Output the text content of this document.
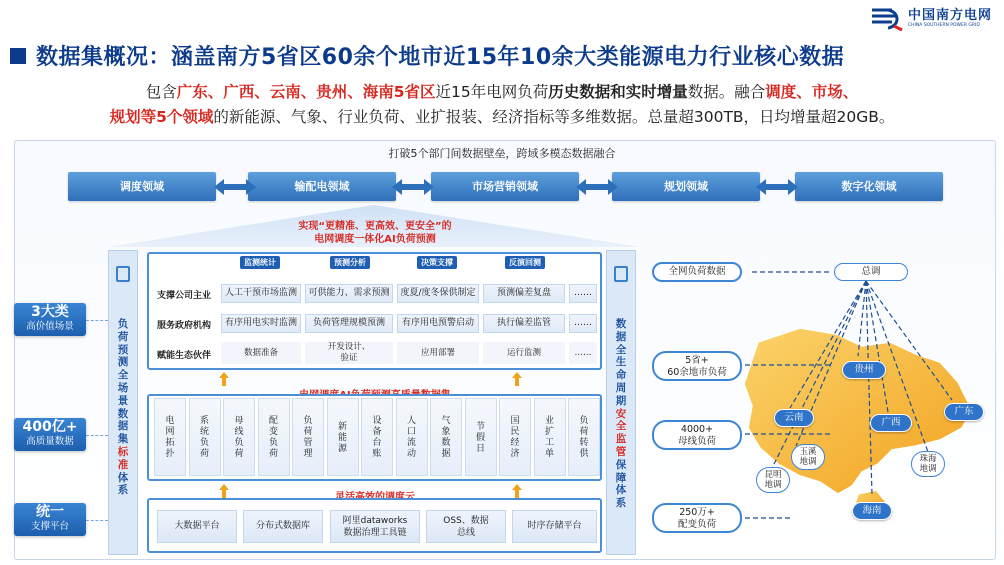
中国南方电网
CHINA SOUTHERN POWER GRID
数据集概况：涵盖南方5省区60余个地市近15年10余大类能源电力行业核心数据
包含广东、广西、云南、贵州、海南5省区近15年电网负荷历史数据和实时增量数据。融合调度、市场、
规划等5个领域的新能源、气象、行业负荷、业扩报装、经济指标等多维数据。总量超300TB，日均增量超20GB。
打破5个部门间数据壁垒，跨域多模态数据融合
调度领域	输配电领域	市场营销领域	规划领域	数字化领域
实现“更精准、更高效、更安全”的
电网调度一体化AI负荷预测
负
荷
预
测
全
场
景
数
据
集
标
准
体
系
数
据
全
生
命
周
期
安
全
监
管
保
障
体
系
监测统计	预测分析	决策支撑	反演回测
支撑公司主业	人工干预市场监测	可供能力、需求预测	度夏/度冬保供制定	预测偏差复盘	……
服务政府机构	有序用电实时监测	负荷管理规模预测	有序用电预警启动	执行偏差监管	……
赋能生态伙伴	数据准备
开发设计、
验证	应用部署	运行监测	……
电
网
拓
扑
系
统
负
荷
母
线
负
荷
配
变
负
荷
负
荷
管
理
新
能
源
设
备
台
账
人
口
流
动
气
象
数
据
节
假
日
国
民
经
济
业
扩
工
单
负
荷
转
供
大数据平台	分布式数据库	阿里dataworks
数据治理工具链
OSS、数据
总线
时序存储平台
3大类
高价值场景
400亿+
高质量数据
统一
支撑平台
全网负荷数据
5省+
60余地市负荷
4000+
母线负荷
250万+
配变负荷
总调
贵州
广东
云南	广西
海南
玉溪
地调
昆明
地调
珠海
地调
